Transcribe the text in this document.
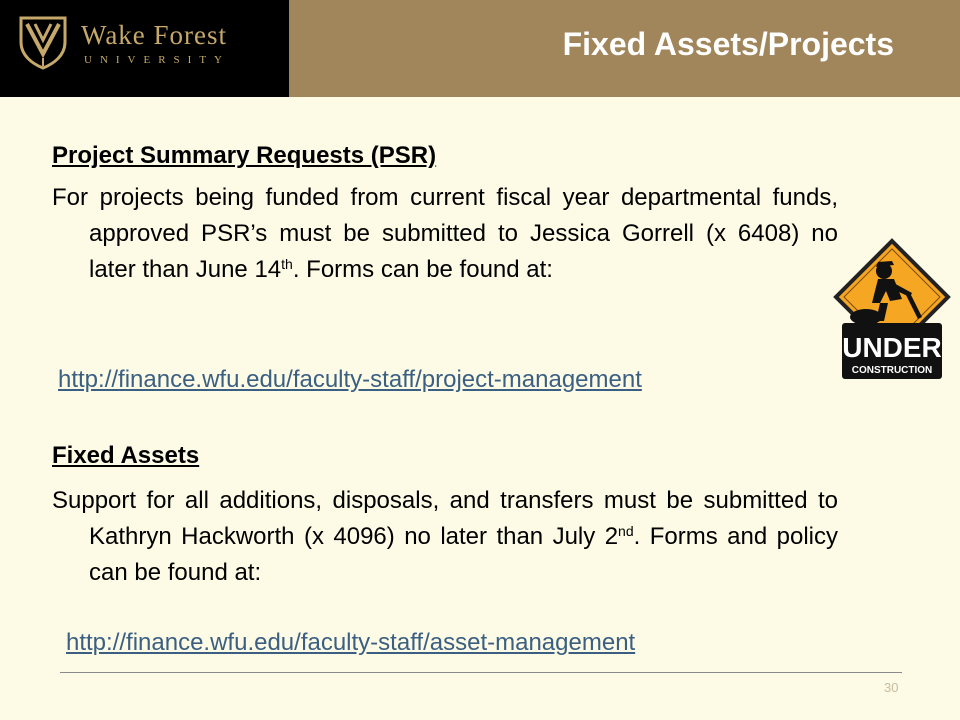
Wake Forest
UNIVERSITY	Fixed Assets/Projects

Project Summary Requests (PSR)

For projects being funded from current fiscal year departmental funds, approved PSR’s must be submitted to Jessica Gorrell (x 6408) no later than June 14th. Forms can be found at:

http://finance.wfu.edu/faculty-staff/project-management

Fixed Assets

Support for all additions, disposals, and transfers must be submitted to Kathryn Hackworth (x 4096) no later than July 2nd. Forms and policy can be found at:

http://finance.wfu.edu/faculty-staff/asset-management
UNDER
CONSTRUCTION
30
